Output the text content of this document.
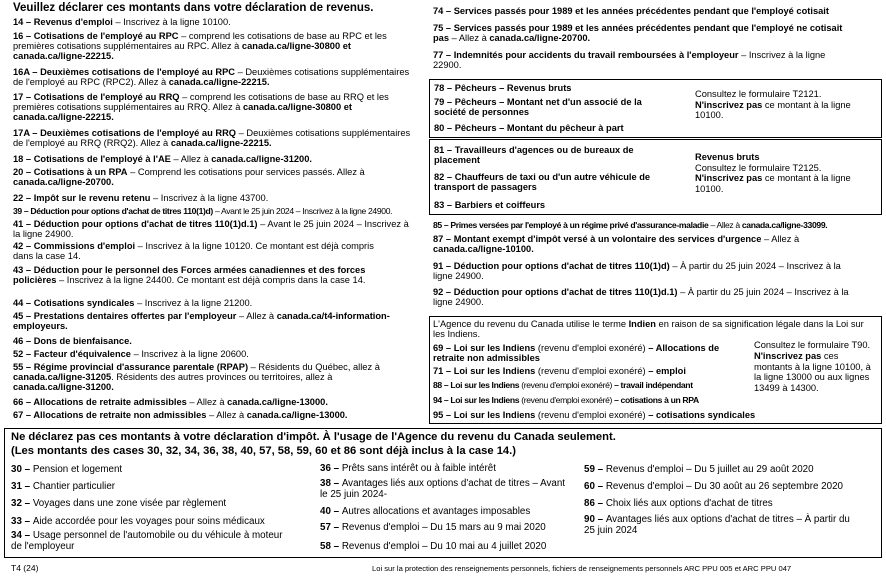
Veuillez déclarer ces montants dans votre déclaration de revenus.
14 – Revenus d'emploi – Inscrivez à la ligne 10100.
16 – Cotisations de l'employé au RPC – comprend les cotisations de base au RPC et les premières cotisations supplémentaires au RPC. Allez à canada.ca/ligne-30800 et canada.ca/ligne-22215.
16A – Deuxièmes cotisations de l'employé au RPC – Deuxièmes cotisations supplémentaires de l'employé au RPC (RPC2). Allez à canada.ca/ligne-22215.
17 – Cotisations de l'employé au RRQ – comprend les cotisations de base au RRQ et les premières cotisations supplémentaires au RRQ. Allez à canada.ca/ligne-30800 et canada.ca/ligne-22215.
17A – Deuxièmes cotisations de l'employé au RRQ – Deuxièmes cotisations supplémentaires de l'employé au RRQ (RRQ2). Allez à canada.ca/ligne-22215.
18 – Cotisations de l'employé à l'AE – Allez à canada.ca/ligne-31200.
20 – Cotisations à un RPA – Comprend les cotisations pour services passés. Allez à canada.ca/ligne-20700.
22 – Impôt sur le revenu retenu – Inscrivez à la ligne 43700.
39 – Déduction pour options d'achat de titres 110(1)d) – Avant le 25 juin 2024 – Inscrivez à la ligne 24900.
41 – Déduction pour options d'achat de titres 110(1)d.1) – Avant le 25 juin 2024 – Inscrivez à la ligne 24900.
42 – Commissions d'emploi – Inscrivez à la ligne 10120. Ce montant est déjà compris dans la case 14.
43 – Déduction pour le personnel des Forces armées canadiennes et des forces policières – Inscrivez à la ligne 24400. Ce montant est déjà compris dans la case 14.
44 – Cotisations syndicales – Inscrivez à la ligne 21200.
45 – Prestations dentaires offertes par l'employeur – Allez à canada.ca/t4-information-employeurs.
46 – Dons de bienfaisance.
52 – Facteur d'équivalence – Inscrivez à la ligne 20600.
55 – Régime provincial d'assurance parentale (RPAP) – Résidents du Québec, allez à canada.ca/ligne-31205. Résidents des autres provinces ou territoires, allez à canada.ca/ligne-31200.
66 – Allocations de retraite admissibles – Allez à canada.ca/ligne-13000.
67 – Allocations de retraite non admissibles – Allez à canada.ca/ligne-13000.
74 – Services passés pour 1989 et les années précédentes pendant que l'employé cotisait
75 – Services passés pour 1989 et les années précédentes pendant que l'employé ne cotisait pas – Allez à canada.ca/ligne-20700.
77 – Indemnités pour accidents du travail remboursées à l'employeur – Inscrivez à la ligne 22900.
78 – Pêcheurs – Revenus bruts
79 – Pêcheurs – Montant net d'un associé de la société de personnes
80 – Pêcheurs – Montant du pêcheur à part
Consultez le formulaire T2121.
N'inscrivez pas ce montant à la ligne 10100.
81 – Travailleurs d'agences ou de bureaux de placement
82 – Chauffeurs de taxi ou d'un autre véhicule de transport de passagers
83 – Barbiers et coiffeurs
Revenus bruts
Consultez le formulaire T2125.
N'inscrivez pas ce montant à la ligne 10100.
85 – Primes versées par l'employé à un régime privé d'assurance-maladie – Allez à canada.ca/ligne-33099.
87 – Montant exempt d'impôt versé à un volontaire des services d'urgence – Allez à canada.ca/ligne-10100.
91 – Déduction pour options d'achat de titres 110(1)d) – À partir du 25 juin 2024 – Inscrivez à la ligne 24900.
92 – Déduction pour options d'achat de titres 110(1)d.1) – À partir du 25 juin 2024 – Inscrivez à la ligne 24900.
L'Agence du revenu du Canada utilise le terme Indien en raison de sa signification légale dans la Loi sur les Indiens.
69 – Loi sur les Indiens (revenu d'emploi exonéré) – Allocations de retraite non admissibles
71 – Loi sur les Indiens (revenu d'emploi exonéré) – emploi
88 – Loi sur les Indiens (revenu d'emploi exonéré) – travail indépendant
94 – Loi sur les Indiens (revenu d'emploi exonéré) – cotisations à un RPA
95 – Loi sur les Indiens (revenu d'emploi exonéré) – cotisations syndicales
Consultez le formulaire T90. N'inscrivez pas ces montants à la ligne 10100, à la ligne 13000 ou aux lignes 13499 à 14300.
Ne déclarez pas ces montants à votre déclaration d'impôt. À l'usage de l'Agence du revenu du Canada seulement.
(Les montants des cases 30, 32, 34, 36, 38, 40, 57, 58, 59, 60 et 86 sont déjà inclus à la case 14.)
30 – Pension et logement
31 – Chantier particulier
32 – Voyages dans une zone visée par règlement
33 – Aide accordée pour les voyages pour soins médicaux
34 – Usage personnel de l'automobile ou du véhicule à moteur de l'employeur
36 – Prêts sans intérêt ou à faible intérêt
38 – Avantages liés aux options d'achat de titres – Avant le 25 juin 2024-
40 – Autres allocations et avantages imposables
57 – Revenus d'emploi – Du 15 mars au 9 mai 2020
58 – Revenus d'emploi – Du 10 mai au 4 juillet 2020
59 – Revenus d'emploi – Du 5 juillet au 29 août 2020
60 – Revenus d'emploi – Du 30 août au 26 septembre 2020
86 – Choix liés aux options d'achat de titres
90 – Avantages liés aux options d'achat de titres – À partir du 25 juin 2024
T4 (24)	Loi sur la protection des renseignements personnels, fichiers de renseignements personnels ARC PPU 005 et ARC PPU 047
